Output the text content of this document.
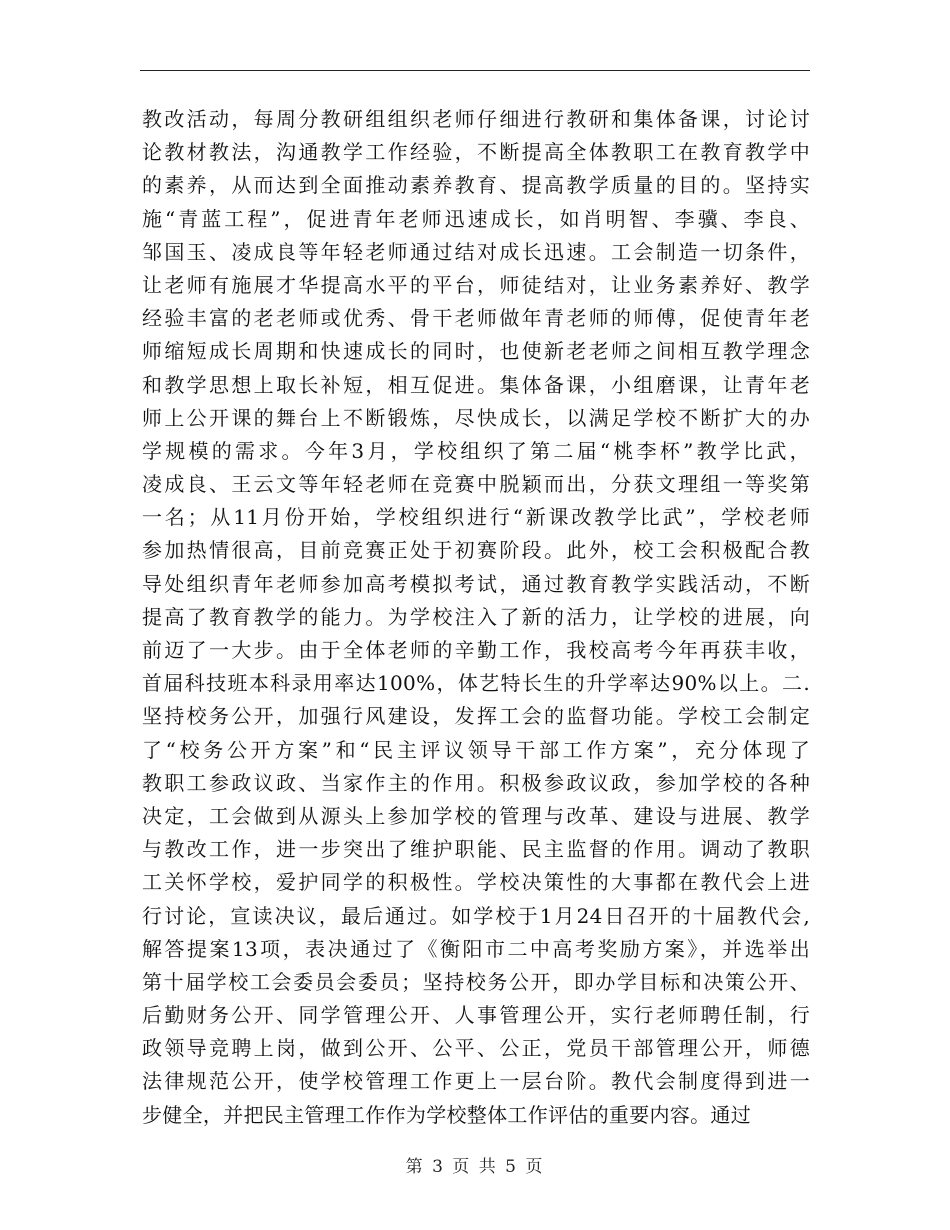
教改活动，每周分教研组组织老师仔细进行教研和集体备课，讨论讨
论教材教法，沟通教学工作经验，不断提高全体教职工在教育教学中
的素养，从而达到全面推动素养教育、提高教学质量的目的。坚持实
施“青蓝工程”，促进青年老师迅速成长，如肖明智、李骥、李良、
邹国玉、凌成良等年轻老师通过结对成长迅速。工会制造一切条件，
让老师有施展才华提高水平的平台，师徒结对，让业务素养好、教学
经验丰富的老老师或优秀、骨干老师做年青老师的师傅，促使青年老
师缩短成长周期和快速成长的同时，也使新老老师之间相互教学理念
和教学思想上取长补短，相互促进。集体备课，小组磨课，让青年老
师上公开课的舞台上不断锻炼，尽快成长，以满足学校不断扩大的办
学规模的需求。今年3月，学校组织了第二届“桃李杯”教学比武，
凌成良、王云文等年轻老师在竞赛中脱颖而出，分获文理组一等奖第
一名；从11月份开始，学校组织进行“新课改教学比武”，学校老师
参加热情很高，目前竞赛正处于初赛阶段。此外，校工会积极配合教
导处组织青年老师参加高考模拟考试，通过教育教学实践活动，不断
提高了教育教学的能力。为学校注入了新的活力，让学校的进展，向
前迈了一大步。由于全体老师的辛勤工作，我校高考今年再获丰收，
首届科技班本科录用率达100%，体艺特长生的升学率达90%以上。二.
坚持校务公开，加强行风建设，发挥工会的监督功能。学校工会制定
了“校务公开方案”和“民主评议领导干部工作方案”，充分体现了
教职工参政议政、当家作主的作用。积极参政议政，参加学校的各种
决定，工会做到从源头上参加学校的管理与改革、建设与进展、教学
与教改工作，进一步突出了维护职能、民主监督的作用。调动了教职
工关怀学校，爱护同学的积极性。学校决策性的大事都在教代会上进
行讨论，宣读决议，最后通过。如学校于1月24日召开的十届教代会,
解答提案13项，表决通过了《衡阳市二中高考奖励方案》，并选举出
第十届学校工会委员会委员；坚持校务公开，即办学目标和决策公开、
后勤财务公开、同学管理公开、人事管理公开，实行老师聘任制，行
政领导竞聘上岗，做到公开、公平、公正，党员干部管理公开，师德
法律规范公开，使学校管理工作更上一层台阶。教代会制度得到进一
步健全，并把民主管理工作作为学校整体工作评估的重要内容。通过
第 3 页 共 5 页
